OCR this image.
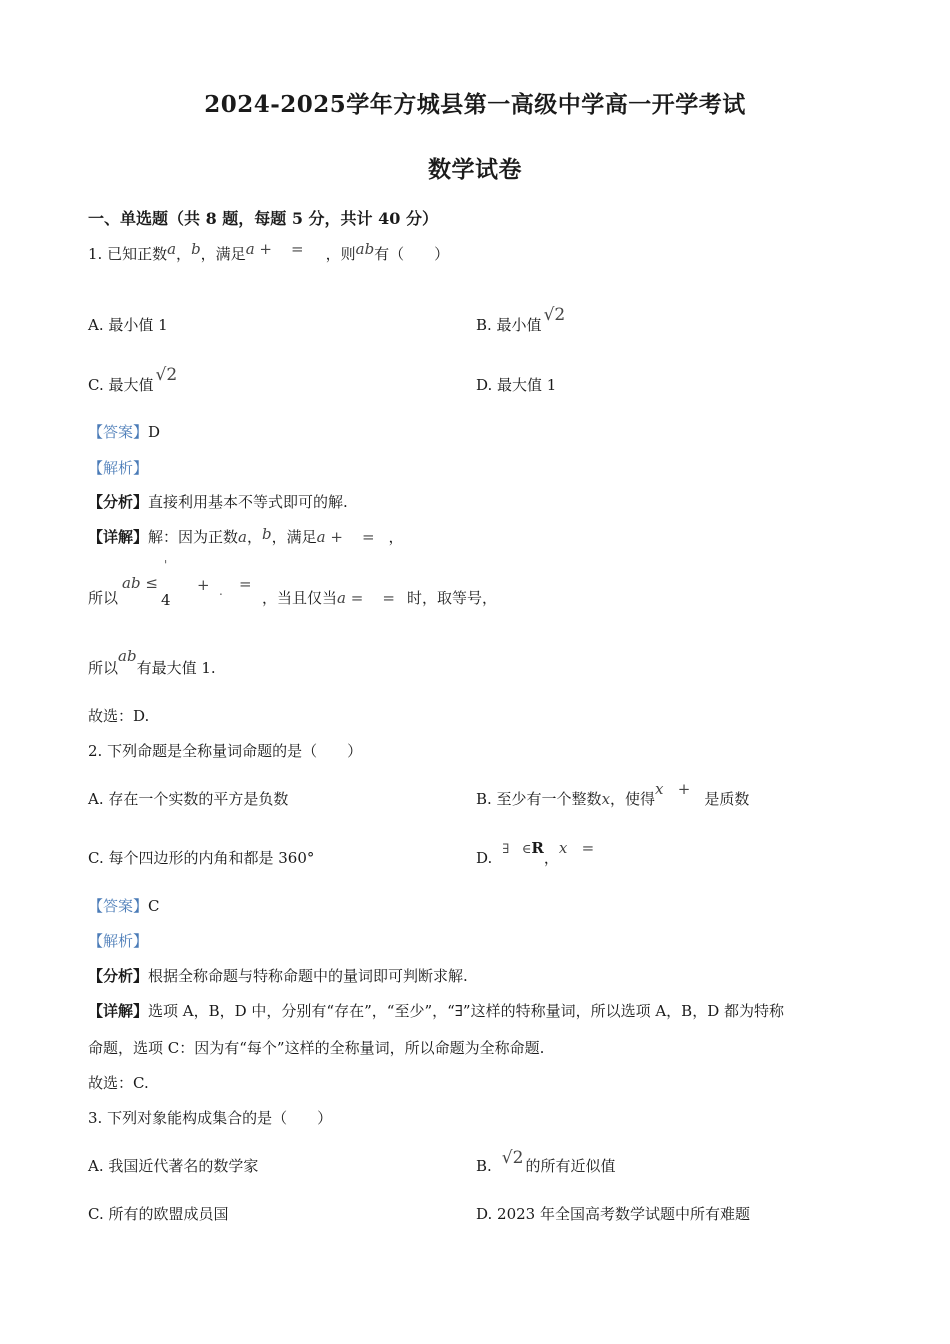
2024-2025学年方城县第一高级中学高一开学考试
数学试卷
一、单选题（共 8 题，每题 5 分，共计 40 分）
1. 已知正数a，b，满足a +    = ，则ab有（　　）
A. 最小值 1	B. 最小值 √2
C. 最大值 √2	D. 最大值 1
【答案】D
【解析】
【分析】直接利用基本不等式即可的解.
【详解】解：因为正数a，b，满足a +    = ，
所以
'
ab ≤
4
+ . =
，当且仅当a =    = 时，取等号，
所以ab有最大值 1.
故选：D.
2. 下列命题是全称量词命题的是（　　）
A. 存在一个实数的平方是负数	B. 至少有一个整数x，使得x   +是质数
C. 每个四边形的内角和都是 360°	D. ∃   ∈R，x   =
【答案】C
【解析】
【分析】根据全称命题与特称命题中的量词即可判断求解.
【详解】选项 A，B，D 中，分别有“存在”，“至少”，“∃”这样的特称量词，所以选项 A，B，D 都为特称
命题，选项 C：因为有“每个”这样的全称量词，所以命题为全称命题.
故选：C.
3. 下列对象能构成集合的是（　　）
A. 我国近代著名的数学家	B. √2 的所有近似值
C. 所有的欧盟成员国	D. 2023 年全国高考数学试题中所有难题
